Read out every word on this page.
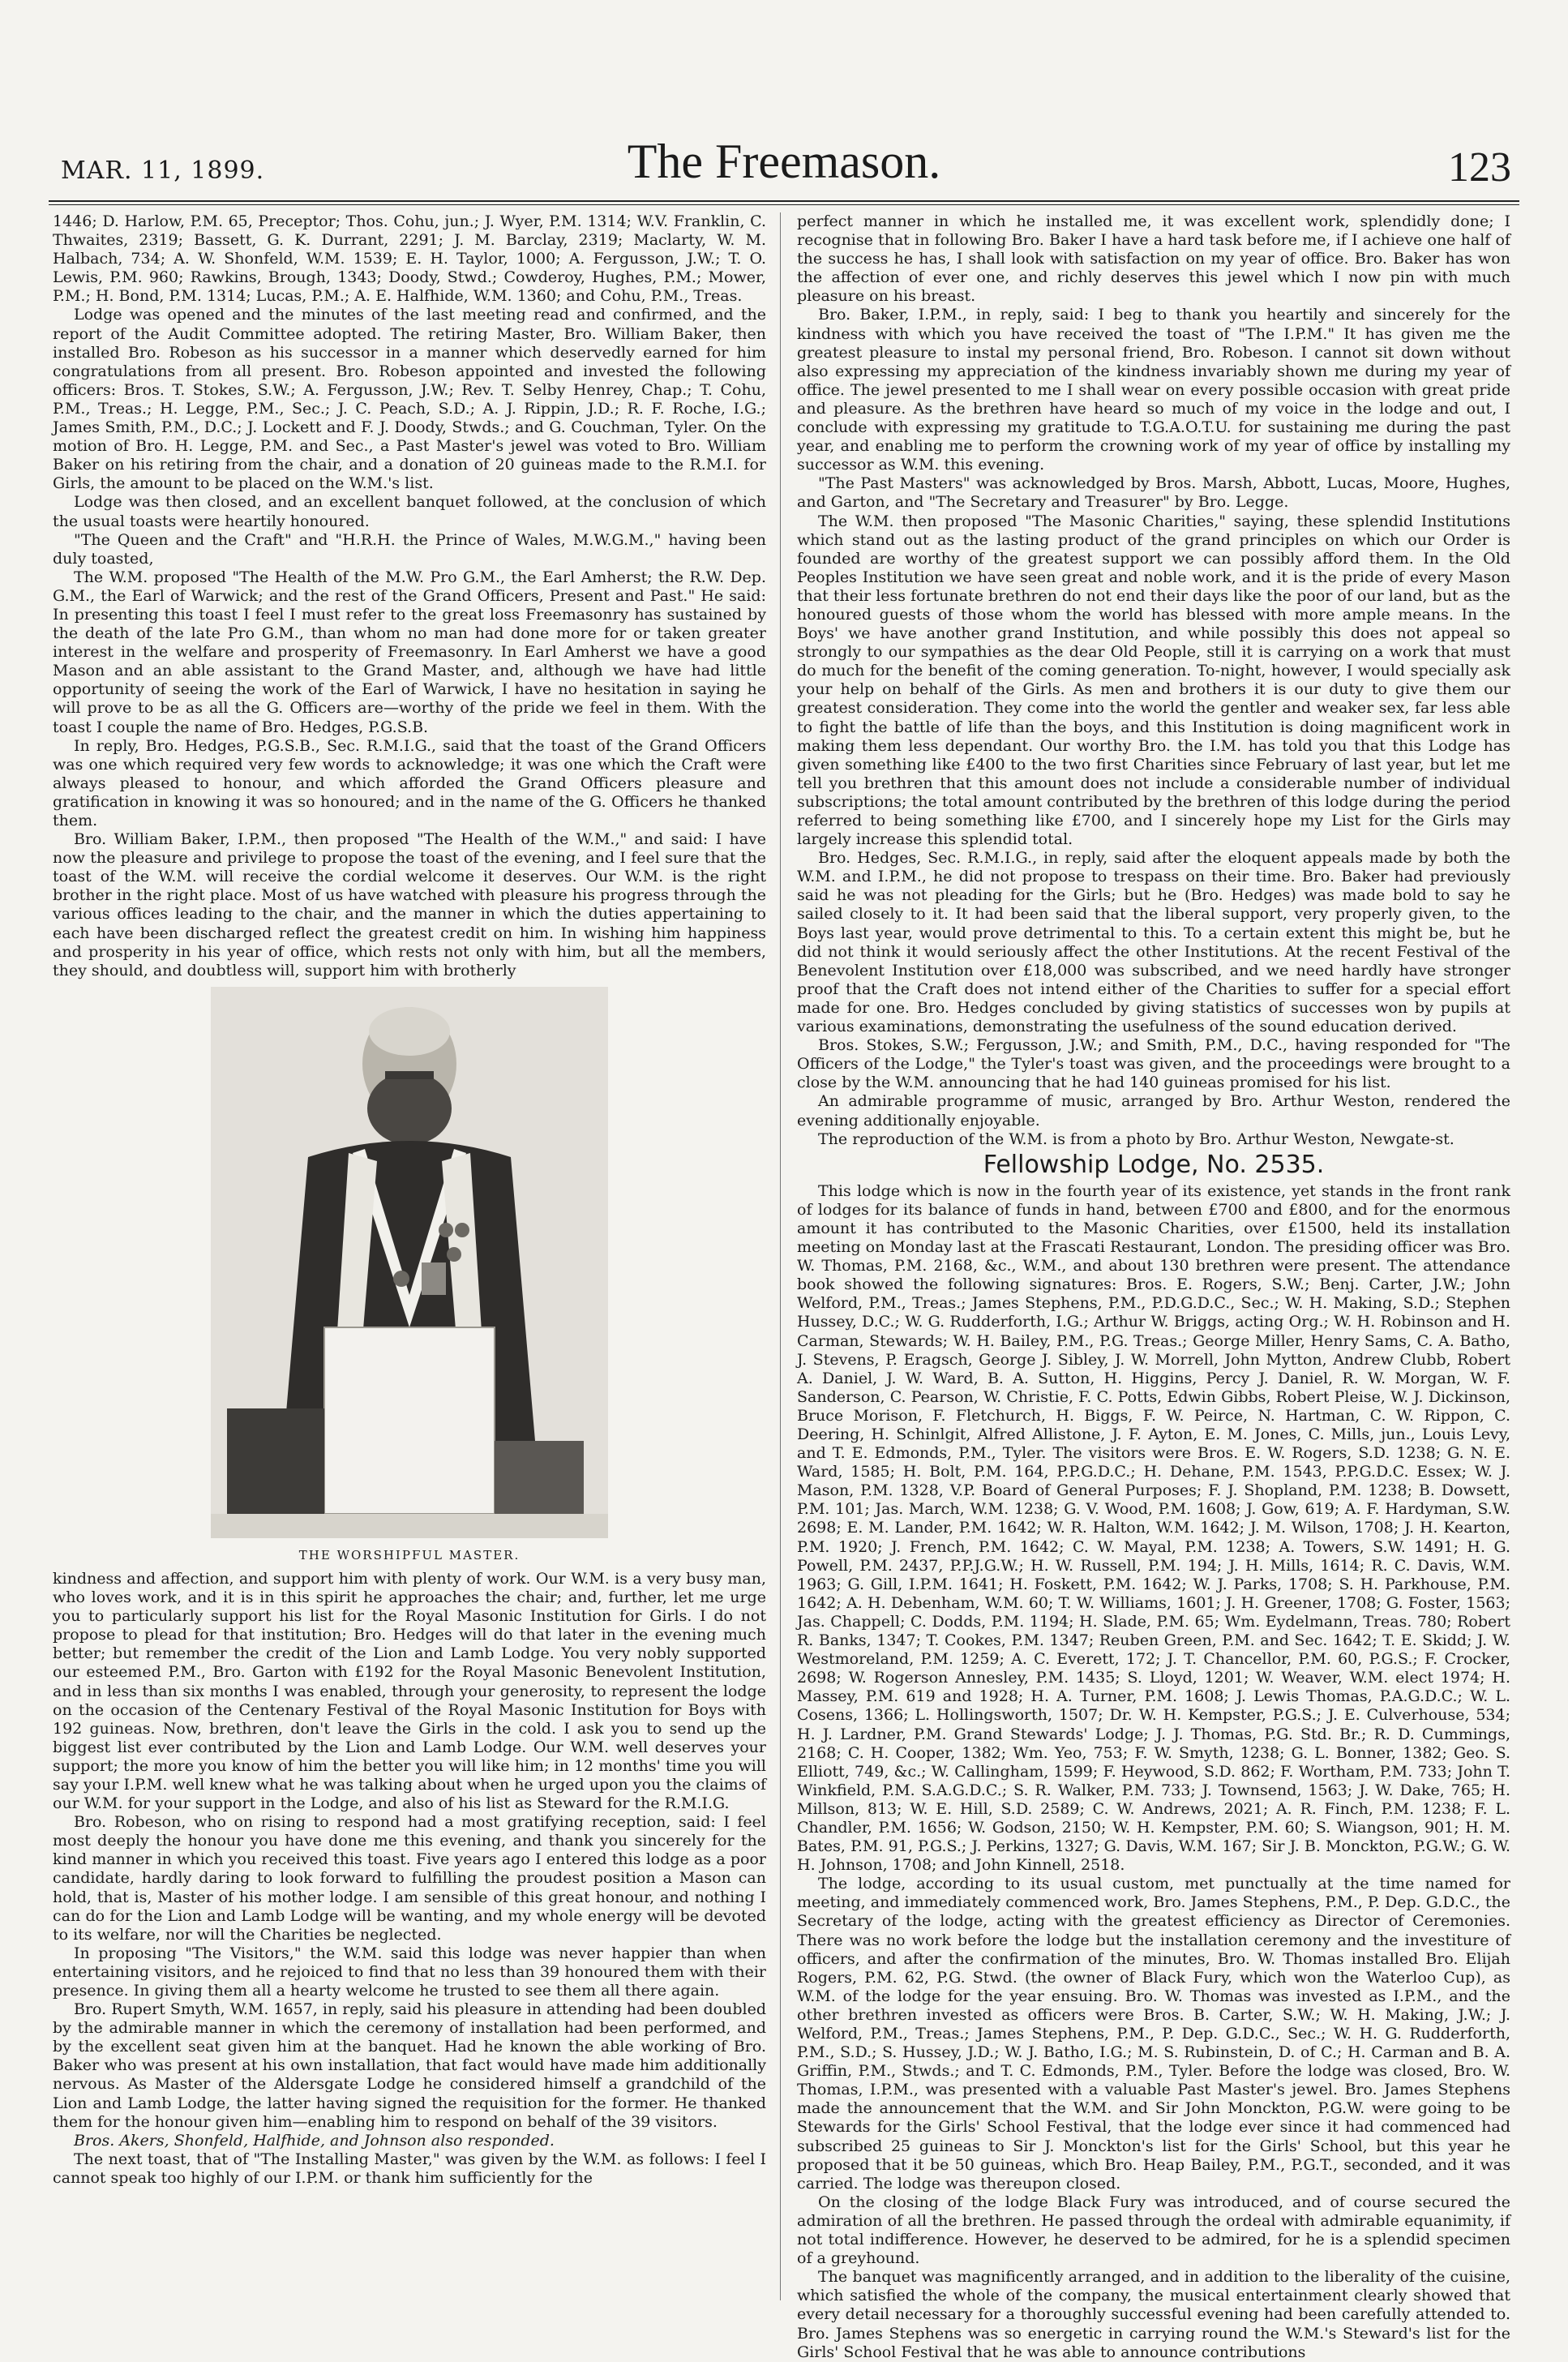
MAR. 11, 1899.	The Freemason.	123

1446; D. Harlow, P.M. 65, Preceptor; Thos. Cohu, jun.; J. Wyer, P.M. 1314; W.V. Franklin, C. Thwaites, 2319; Bassett, G. K. Durrant, 2291; J. M. Barclay, 2319; Maclarty, W. M. Halbach, 734; A. W. Shonfeld, W.M. 1539; E. H. Taylor, 1000; A. Fergusson, J.W.; T. O. Lewis, P.M. 960; Rawkins, Brough, 1343; Doody, Stwd.; Cowderoy, Hughes, P.M.; Mower, P.M.; H. Bond, P.M. 1314; Lucas, P.M.; A. E. Halfhide, W.M. 1360; and Cohu, P.M., Treas.

Lodge was opened and the minutes of the last meeting read and confirmed, and the report of the Audit Committee adopted. The retiring Master, Bro. William Baker, then installed Bro. Robeson as his successor in a manner which deservedly earned for him congratulations from all present. Bro. Robeson appointed and invested the following officers: Bros. T. Stokes, S.W.; A. Fergusson, J.W.; Rev. T. Selby Henrey, Chap.; T. Cohu, P.M., Treas.; H. Legge, P.M., Sec.; J. C. Peach, S.D.; A. J. Rippin, J.D.; R. F. Roche, I.G.; James Smith, P.M., D.C.; J. Lockett and F. J. Doody, Stwds.; and G. Couchman, Tyler. On the motion of Bro. H. Legge, P.M. and Sec., a Past Master's jewel was voted to Bro. William Baker on his retiring from the chair, and a donation of 20 guineas made to the R.M.I. for Girls, the amount to be placed on the W.M.'s list.

Lodge was then closed, and an excellent banquet followed, at the conclusion of which the usual toasts were heartily honoured.

"The Queen and the Craft" and "H.R.H. the Prince of Wales, M.W.G.M.," having been duly toasted,

The W.M. proposed "The Health of the M.W. Pro G.M., the Earl Amherst; the R.W. Dep. G.M., the Earl of Warwick; and the rest of the Grand Officers, Present and Past." He said: In presenting this toast I feel I must refer to the great loss Freemasonry has sustained by the death of the late Pro G.M., than whom no man had done more for or taken greater interest in the welfare and prosperity of Freemasonry. In Earl Amherst we have a good Mason and an able assistant to the Grand Master, and, although we have had little opportunity of seeing the work of the Earl of Warwick, I have no hesitation in saying he will prove to be as all the G. Officers are—worthy of the pride we feel in them. With the toast I couple the name of Bro. Hedges, P.G.S.B.

In reply, Bro. Hedges, P.G.S.B., Sec. R.M.I.G., said that the toast of the Grand Officers was one which required very few words to acknowledge; it was one which the Craft were always pleased to honour, and which afforded the Grand Officers pleasure and gratification in knowing it was so honoured; and in the name of the G. Officers he thanked them.

Bro. William Baker, I.P.M., then proposed "The Health of the W.M.," and said: I have now the pleasure and privilege to propose the toast of the evening, and I feel sure that the toast of the W.M. will receive the cordial welcome it deserves. Our W.M. is the right brother in the right place. Most of us have watched with pleasure his progress through the various offices leading to the chair, and the manner in which the duties appertaining to each have been discharged reflect the greatest credit on him. In wishing him happiness and prosperity in his year of office, which rests not only with him, but all the members, they should, and doubtless will, support him with brotherly

THE WORSHIPFUL MASTER.

kindness and affection, and support him with plenty of work. Our W.M. is a very busy man, who loves work, and it is in this spirit he approaches the chair; and, further, let me urge you to particularly support his list for the Royal Masonic Institution for Girls. I do not propose to plead for that institution; Bro. Hedges will do that later in the evening much better; but remember the credit of the Lion and Lamb Lodge. You very nobly supported our esteemed P.M., Bro. Garton with £192 for the Royal Masonic Benevolent Institution, and in less than six months I was enabled, through your generosity, to represent the lodge on the occasion of the Centenary Festival of the Royal Masonic Institution for Boys with 192 guineas. Now, brethren, don't leave the Girls in the cold. I ask you to send up the biggest list ever contributed by the Lion and Lamb Lodge. Our W.M. well deserves your support; the more you know of him the better you will like him; in 12 months' time you will say your I.P.M. well knew what he was talking about when he urged upon you the claims of our W.M. for your support in the Lodge, and also of his list as Steward for the R.M.I.G.

Bro. Robeson, who on rising to respond had a most gratifying reception, said: I feel most deeply the honour you have done me this evening, and thank you sincerely for the kind manner in which you received this toast. Five years ago I entered this lodge as a poor candidate, hardly daring to look forward to fulfilling the proudest position a Mason can hold, that is, Master of his mother lodge. I am sensible of this great honour, and nothing I can do for the Lion and Lamb Lodge will be wanting, and my whole energy will be devoted to its welfare, nor will the Charities be neglected.

In proposing "The Visitors," the W.M. said this lodge was never happier than when entertaining visitors, and he rejoiced to find that no less than 39 honoured them with their presence. In giving them all a hearty welcome he trusted to see them all there again.

Bro. Rupert Smyth, W.M. 1657, in reply, said his pleasure in attending had been doubled by the admirable manner in which the ceremony of installation had been performed, and by the excellent seat given him at the banquet. Had he known the able working of Bro. Baker who was present at his own installation, that fact would have made him additionally nervous. As Master of the Aldersgate Lodge he considered himself a grandchild of the Lion and Lamb Lodge, the latter having signed the requisition for the former. He thanked them for the honour given him—enabling him to respond on behalf of the 39 visitors.

Bros. Akers, Shonfeld, Halfhide, and Johnson also responded.

The next toast, that of "The Installing Master," was given by the W.M. as follows: I feel I cannot speak too highly of our I.P.M. or thank him sufficiently for the

perfect manner in which he installed me, it was excellent work, splendidly done; I recognise that in following Bro. Baker I have a hard task before me, if I achieve one half of the success he has, I shall look with satisfaction on my year of office. Bro. Baker has won the affection of ever one, and richly deserves this jewel which I now pin with much pleasure on his breast.

Bro. Baker, I.P.M., in reply, said: I beg to thank you heartily and sincerely for the kindness with which you have received the toast of "The I.P.M." It has given me the greatest pleasure to instal my personal friend, Bro. Robeson. I cannot sit down without also expressing my appreciation of the kindness invariably shown me during my year of office. The jewel presented to me I shall wear on every possible occasion with great pride and pleasure. As the brethren have heard so much of my voice in the lodge and out, I conclude with expressing my gratitude to T.G.A.O.T.U. for sustaining me during the past year, and enabling me to perform the crowning work of my year of office by installing my successor as W.M. this evening.

"The Past Masters" was acknowledged by Bros. Marsh, Abbott, Lucas, Moore, Hughes, and Garton, and "The Secretary and Treasurer" by Bro. Legge.

The W.M. then proposed "The Masonic Charities," saying, these splendid Institutions which stand out as the lasting product of the grand principles on which our Order is founded are worthy of the greatest support we can possibly afford them. In the Old Peoples Institution we have seen great and noble work, and it is the pride of every Mason that their less fortunate brethren do not end their days like the poor of our land, but as the honoured guests of those whom the world has blessed with more ample means. In the Boys' we have another grand Institution, and while possibly this does not appeal so strongly to our sympathies as the dear Old People, still it is carrying on a work that must do much for the benefit of the coming generation. To-night, however, I would specially ask your help on behalf of the Girls. As men and brothers it is our duty to give them our greatest consideration. They come into the world the gentler and weaker sex, far less able to fight the battle of life than the boys, and this Institution is doing magnificent work in making them less dependant. Our worthy Bro. the I.M. has told you that this Lodge has given something like £400 to the two first Charities since February of last year, but let me tell you brethren that this amount does not include a considerable number of individual subscriptions; the total amount contributed by the brethren of this lodge during the period referred to being something like £700, and I sincerely hope my List for the Girls may largely increase this splendid total.

Bro. Hedges, Sec. R.M.I.G., in reply, said after the eloquent appeals made by both the W.M. and I.P.M., he did not propose to trespass on their time. Bro. Baker had previously said he was not pleading for the Girls; but he (Bro. Hedges) was made bold to say he sailed closely to it. It had been said that the liberal support, very properly given, to the Boys last year, would prove detrimental to this. To a certain extent this might be, but he did not think it would seriously affect the other Institutions. At the recent Festival of the Benevolent Institution over £18,000 was subscribed, and we need hardly have stronger proof that the Craft does not intend either of the Charities to suffer for a special effort made for one. Bro. Hedges concluded by giving statistics of successes won by pupils at various examinations, demonstrating the usefulness of the sound education derived.

Bros. Stokes, S.W.; Fergusson, J.W.; and Smith, P.M., D.C., having responded for "The Officers of the Lodge," the Tyler's toast was given, and the proceedings were brought to a close by the W.M. announcing that he had 140 guineas promised for his list.

An admirable programme of music, arranged by Bro. Arthur Weston, rendered the evening additionally enjoyable.

The reproduction of the W.M. is from a photo by Bro. Arthur Weston, Newgate-st.

Fellowship Lodge, No. 2535.

This lodge which is now in the fourth year of its existence, yet stands in the front rank of lodges for its balance of funds in hand, between £700 and £800, and for the enormous amount it has contributed to the Masonic Charities, over £1500, held its installation meeting on Monday last at the Frascati Restaurant, London. The presiding officer was Bro. W. Thomas, P.M. 2168, &c., W.M., and about 130 brethren were present. The attendance book showed the following signatures: Bros. E. Rogers, S.W.; Benj. Carter, J.W.; John Welford, P.M., Treas.; James Stephens, P.M., P.D.G.D.C., Sec.; W. H. Making, S.D.; Stephen Hussey, D.C.; W. G. Rudderforth, I.G.; Arthur W. Briggs, acting Org.; W. H. Robinson and H. Carman, Stewards; W. H. Bailey, P.M., P.G. Treas.; George Miller, Henry Sams, C. A. Batho, J. Stevens, P. Eragsch, George J. Sibley, J. W. Morrell, John Mytton, Andrew Clubb, Robert A. Daniel, J. W. Ward, B. A. Sutton, H. Higgins, Percy J. Daniel, R. W. Morgan, W. F. Sanderson, C. Pearson, W. Christie, F. C. Potts, Edwin Gibbs, Robert Pleise, W. J. Dickinson, Bruce Morison, F. Fletchurch, H. Biggs, F. W. Peirce, N. Hartman, C. W. Rippon, C. Deering, H. Schinlgit, Alfred Allistone, J. F. Ayton, E. M. Jones, C. Mills, jun., Louis Levy, and T. E. Edmonds, P.M., Tyler. The visitors were Bros. E. W. Rogers, S.D. 1238; G. N. E. Ward, 1585; H. Bolt, P.M. 164, P.P.G.D.C.; H. Dehane, P.M. 1543, P.P.G.D.C. Essex; W. J. Mason, P.M. 1328, V.P. Board of General Purposes; F. J. Shopland, P.M. 1238; B. Dowsett, P.M. 101; Jas. March, W.M. 1238; G. V. Wood, P.M. 1608; J. Gow, 619; A. F. Hardyman, S.W. 2698; E. M. Lander, P.M. 1642; W. R. Halton, W.M. 1642; J. M. Wilson, 1708; J. H. Kearton, P.M. 1920; J. French, P.M. 1642; C. W. Mayal, P.M. 1238; A. Towers, S.W. 1491; H. G. Powell, P.M. 2437, P.P.J.G.W.; H. W. Russell, P.M. 194; J. H. Mills, 1614; R. C. Davis, W.M. 1963; G. Gill, I.P.M. 1641; H. Foskett, P.M. 1642; W. J. Parks, 1708; S. H. Parkhouse, P.M. 1642; A. H. Debenham, W.M. 60; T. W. Williams, 1601; J. H. Greener, 1708; G. Foster, 1563; Jas. Chappell; C. Dodds, P.M. 1194; H. Slade, P.M. 65; Wm. Eydelmann, Treas. 780; Robert R. Banks, 1347; T. Cookes, P.M. 1347; Reuben Green, P.M. and Sec. 1642; T. E. Skidd; J. W. Westmoreland, P.M. 1259; A. C. Everett, 172; J. T. Chancellor, P.M. 60, P.G.S.; F. Crocker, 2698; W. Rogerson Annesley, P.M. 1435; S. Lloyd, 1201; W. Weaver, W.M. elect 1974; H. Massey, P.M. 619 and 1928; H. A. Turner, P.M. 1608; J. Lewis Thomas, P.A.G.D.C.; W. L. Cosens, 1366; L. Hollingsworth, 1507; Dr. W. H. Kempster, P.G.S.; J. E. Culverhouse, 534; H. J. Lardner, P.M. Grand Stewards' Lodge; J. J. Thomas, P.G. Std. Br.; R. D. Cummings, 2168; C. H. Cooper, 1382; Wm. Yeo, 753; F. W. Smyth, 1238; G. L. Bonner, 1382; Geo. S. Elliott, 749, &c.; W. Callingham, 1599; F. Heywood, S.D. 862; F. Wortham, P.M. 733; John T. Winkfield, P.M. S.A.G.D.C.; S. R. Walker, P.M. 733; J. Townsend, 1563; J. W. Dake, 765; H. Millson, 813; W. E. Hill, S.D. 2589; C. W. Andrews, 2021; A. R. Finch, P.M. 1238; F. L. Chandler, P.M. 1656; W. Godson, 2150; W. H. Kempster, P.M. 60; S. Wiangson, 901; H. M. Bates, P.M. 91, P.G.S.; J. Perkins, 1327; G. Davis, W.M. 167; Sir J. B. Monckton, P.G.W.; G. W. H. Johnson, 1708; and John Kinnell, 2518.

The lodge, according to its usual custom, met punctually at the time named for meeting, and immediately commenced work, Bro. James Stephens, P.M., P. Dep. G.D.C., the Secretary of the lodge, acting with the greatest efficiency as Director of Ceremonies. There was no work before the lodge but the installation ceremony and the investiture of officers, and after the confirmation of the minutes, Bro. W. Thomas installed Bro. Elijah Rogers, P.M. 62, P.G. Stwd. (the owner of Black Fury, which won the Waterloo Cup), as W.M. of the lodge for the year ensuing. Bro. W. Thomas was invested as I.P.M., and the other brethren invested as officers were Bros. B. Carter, S.W.; W. H. Making, J.W.; J. Welford, P.M., Treas.; James Stephens, P.M., P. Dep. G.D.C., Sec.; W. H. G. Rudderforth, P.M., S.D.; S. Hussey, J.D.; W. J. Batho, I.G.; M. S. Rubinstein, D. of C.; H. Carman and B. A. Griffin, P.M., Stwds.; and T. C. Edmonds, P.M., Tyler. Before the lodge was closed, Bro. W. Thomas, I.P.M., was presented with a valuable Past Master's jewel. Bro. James Stephens made the announcement that the W.M. and Sir John Monckton, P.G.W. were going to be Stewards for the Girls' School Festival, that the lodge ever since it had commenced had subscribed 25 guineas to Sir J. Monckton's list for the Girls' School, but this year he proposed that it be 50 guineas, which Bro. Heap Bailey, P.M., P.G.T., seconded, and it was carried. The lodge was thereupon closed.

On the closing of the lodge Black Fury was introduced, and of course secured the admiration of all the brethren. He passed through the ordeal with admirable equanimity, if not total indifference. However, he deserved to be admired, for he is a splendid specimen of a greyhound.

The banquet was magnificently arranged, and in addition to the liberality of the cuisine, which satisfied the whole of the company, the musical entertainment clearly showed that every detail necessary for a thoroughly successful evening had been carefully attended to. Bro. James Stephens was so energetic in carrying round the W.M.'s Steward's list for the Girls' School Festival that he was able to announce contributions
